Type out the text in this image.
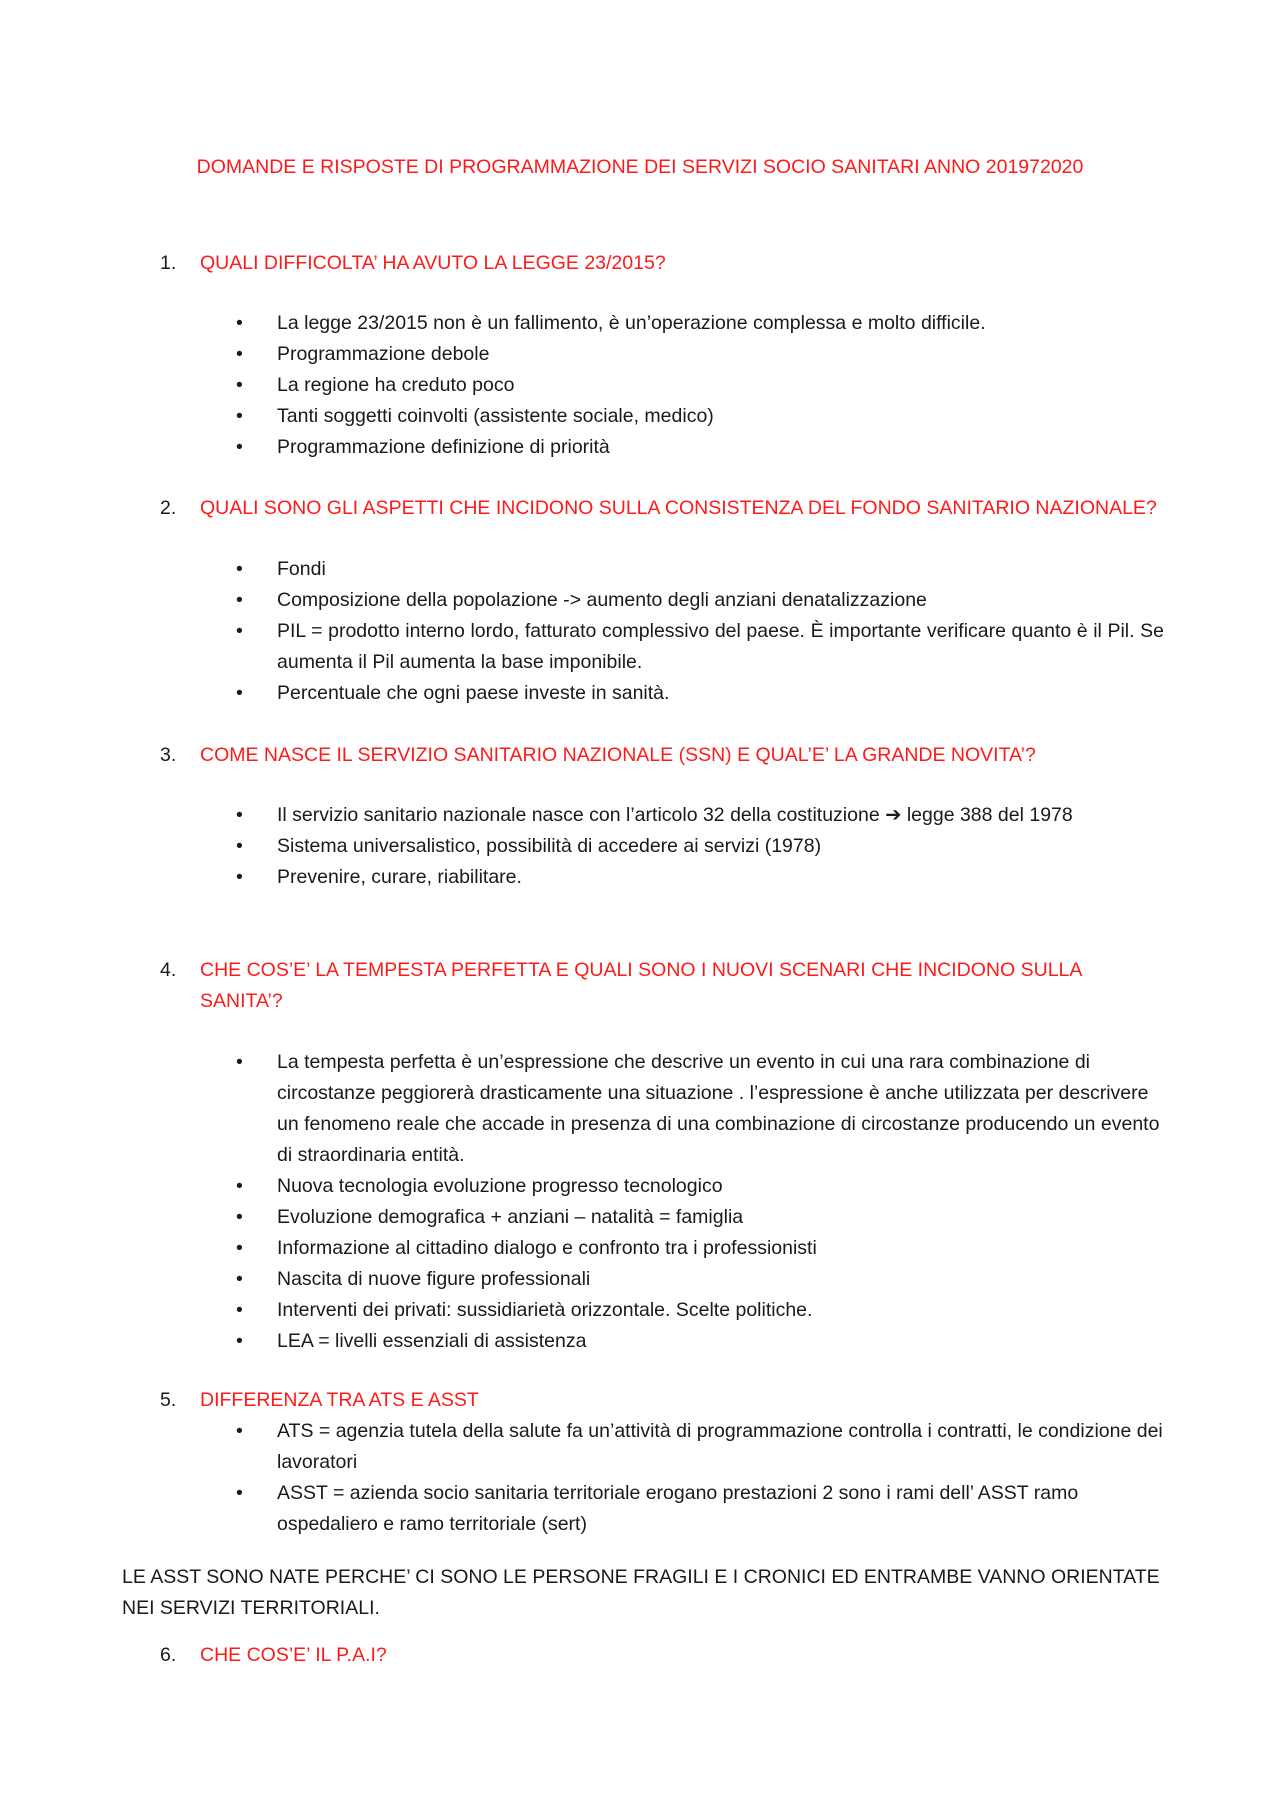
DOMANDE E RISPOSTE DI PROGRAMMAZIONE DEI SERVIZI SOCIO SANITARI ANNO 201972020
1. QUALI DIFFICOLTA’ HA AVUTO LA LEGGE 23/2015?
• La legge 23/2015 non è un fallimento, è un’operazione complessa e molto difficile.
• Programmazione debole
• La regione ha creduto poco
• Tanti soggetti coinvolti (assistente sociale, medico)
• Programmazione definizione di priorità
2. QUALI SONO GLI ASPETTI CHE INCIDONO SULLA CONSISTENZA DEL FONDO SANITARIO NAZIONALE?
• Fondi
• Composizione della popolazione -> aumento degli anziani denatalizzazione
• PIL = prodotto interno lordo, fatturato complessivo del paese. È importante verificare quanto è il Pil. Se aumenta il Pil aumenta la base imponibile.
• Percentuale che ogni paese investe in sanità.
3. COME NASCE IL SERVIZIO SANITARIO NAZIONALE (SSN) E QUAL’E’ LA GRANDE NOVITA’?
• Il servizio sanitario nazionale nasce con l’articolo 32 della costituzione ➔ legge 388 del 1978
• Sistema universalistico, possibilità di accedere ai servizi (1978)
• Prevenire, curare, riabilitare.
4. CHE COS’E’ LA TEMPESTA PERFETTA E QUALI SONO I NUOVI SCENARI CHE INCIDONO SULLA SANITA’?
• La tempesta perfetta è un’espressione che descrive un evento in cui una rara combinazione di circostanze peggiorerà drasticamente una situazione . l’espressione è anche utilizzata per descrivere un fenomeno reale che accade in presenza di una combinazione di circostanze producendo un evento di straordinaria entità.
• Nuova tecnologia evoluzione progresso tecnologico
• Evoluzione demografica + anziani – natalità = famiglia
• Informazione al cittadino dialogo e confronto tra i professionisti
• Nascita di nuove figure professionali
• Interventi dei privati: sussidiarietà orizzontale. Scelte politiche.
• LEA = livelli essenziali di assistenza
5. DIFFERENZA TRA ATS E ASST
• ATS = agenzia tutela della salute fa un’attività di programmazione controlla i contratti, le condizione dei lavoratori
• ASST = azienda socio sanitaria territoriale erogano prestazioni 2 sono i rami dell’ ASST ramo ospedaliero e ramo territoriale (sert)
LE ASST SONO NATE PERCHE’ CI SONO LE PERSONE FRAGILI E I CRONICI ED ENTRAMBE VANNO ORIENTATE NEI SERVIZI TERRITORIALI.
6. CHE COS’E’ IL P.A.I?
